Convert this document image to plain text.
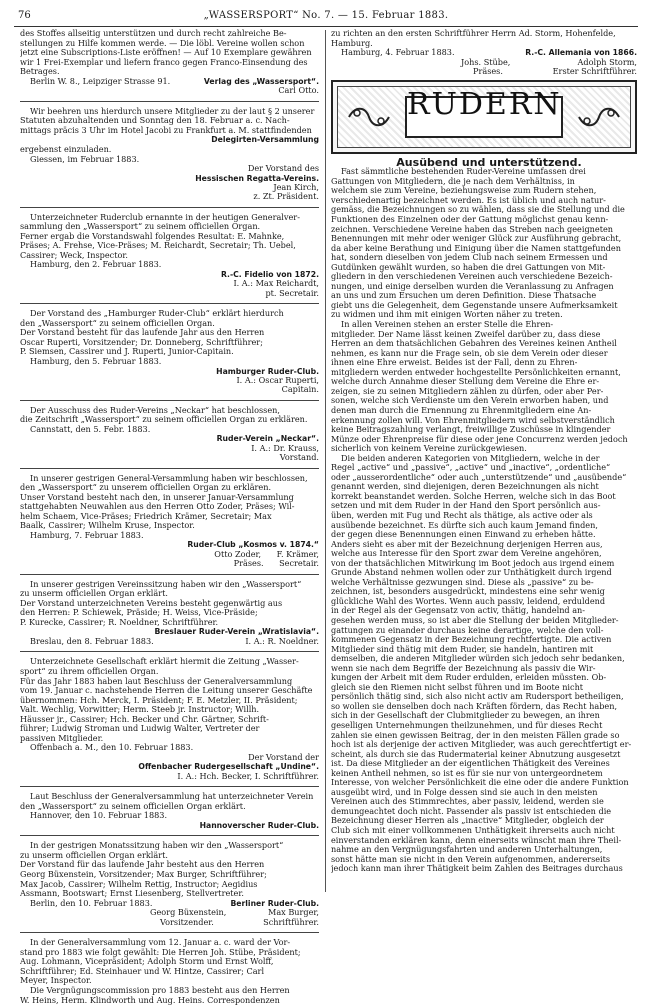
76	„WASSERSPORT“ No. 7. — 15. Februar 1883.
des Stoffes allseitig unterstützen und durch recht zahlreiche Be-
stellungen zu Hilfe kommen werde. — Die löbl. Vereine wollen schon
jetzt eine Subscriptions-Liste eröffnen! — Auf 10 Exemplare gewähren
wir 1 Frei-Exemplar und liefern franco gegen Franco-Einsendung des
Betrages.

Berlin W. 8., Leipziger Strasse 91.	Verlag des „Wassersport“.

Carl Otto.

Wir beehren uns hierdurch unsere Mitglieder zu der laut § 2 unserer
Statuten abzuhaltenden und Sonntag den 18. Februar a. c. Nach-
mittags präcis 3 Uhr im Hotel Jacobi zu Frankfurt a. M. stattfindenden

Delegirten-Versammlung

ergebenst einzuladen.

Giessen, im Februar 1883.

Der Vorstand des

Hessischen Regatta-Vereins.

Jean Kirch,

z. Zt. Präsident.

Unterzeichneter Ruderclub ernannte in der heutigen Generalver-
sammlung den „Wassersport“ zu seinem officiellen Organ.
Ferner ergab die Vorstandswahl folgendes Resultat: E. Mahnke,
Präses; A. Frehse, Vice-Präses; M. Reichardt, Secretair; Th. Uebel,
Cassirer; Weck, Inspector.

Hamburg, den 2. Februar 1883.

R.-C. Fidelio von 1872.

I. A.: Max Reichardt,

pt. Secretair.

Der Vorstand des „Hamburger Ruder-Club“ erklärt hierdurch
den „Wassersport“ zu seinem officiellen Organ.
Der Vorstand besteht für das laufende Jahr aus den Herren
Oscar Ruperti, Vorsitzender; Dr. Donneberg, Schriftführer;
P. Siemsen, Cassirer und J. Ruperti, Junior-Capitain.

Hamburg, den 5. Februar 1883.

Hamburger Ruder-Club.

I. A.: Oscar Ruperti,

Capitain.

Der Ausschuss des Ruder-Vereins „Neckar“ hat beschlossen,
die Zeitschrift „Wassersport“ zu seinem officiellen Organ zu erklären.

Cannstatt, den 5. Febr. 1883.

Ruder-Verein „Neckar“.

I. A.: Dr. Krauss,

Vorstand.

In unserer gestrigen General-Versammlung haben wir beschlossen,
den „Wassersport“ zu unserem officiellen Organ zu erklären.
Unser Vorstand besteht nach den, in unserer Januar-Versammlung
stattgehabten Neuwahlen aus den Herren Otto Zoder, Präses; Wil-
helm Schaem, Vice-Präses; Friedrich Krämer, Secretair; Max
Baalk, Cassirer; Wilhelm Kruse, Inspector.

Hamburg, 7. Februar 1883.

Ruder-Club „Kosmos v. 1874.“

Otto Zoder,      F. Krämer,

Präses.      Secretair.

In unserer gestrigen Vereinssitzung haben wir den „Wassersport“
zu unserm officiellen Organ erklärt.
Der Vorstand unterzeichneten Vereins besteht gegenwärtig aus
den Herren: P. Schiewek, Präside; H. Weiss, Vice-Präside;
P. Kurecke, Cassirer; R. Noeldner, Schriftführer.

Breslauer Ruder-Verein „Wratislavia“.

Breslau, den 8. Februar 1883.	I. A.: R. Noeldner.

Unterzeichnete Gesellschaft erklärt hiermit die Zeitung „Wasser-
sport“ zu ihrem officiellen Organ.
Für das Jahr 1883 haben laut Beschluss der Generalversammlung
vom 19. Januar c. nachstehende Herren die Leitung unserer Geschäfte
übernommen: Hch. Merck, I. Präsident; F. E. Metzler, II. Präsident;
Valt. Wechlig, Vorwitter; Herm. Steeb jr. Instructor; Willh.
Häusser jr., Cassirer; Hch. Becker und Chr. Gärtner, Schrift-
führer; Ludwig Stroman und Ludwig Walter, Vertreter der
passiven Mitglieder.

Offenbach a. M., den 10. Februar 1883.

Der Vorstand der

Offenbacher Rudergesellschaft „Undine“.

I. A.: Hch. Becker, I. Schriftführer.

Laut Beschluss der Generalversammlung hat unterzeichneter Verein
den „Wassersport“ zu seinem officiellen Organ erklärt.

Hannover, den 10. Februar 1883.

Hannoverscher Ruder-Club.

In der gestrigen Monatssitzung haben wir den „Wassersport“
zu unserm officiellen Organ erklärt.
Der Vorstand für das laufende Jahr besteht aus den Herren
Georg Büxenstein, Vorsitzender; Max Burger, Schriftführer;
Max Jacob, Cassirer; Wilhelm Rettig, Instructor; Aegidius
Assmann, Bootswart; Ernst Liesenberg, Stellvertreter.

Berlin, den 10. Februar 1883.	Berliner Ruder-Club.

Georg Büxenstein,	Max Burger,

Vorsitzender.	Schriftführer.

In der Generalversammlung vom 12. Januar a. c. ward der Vor-
stand pro 1883 wie folgt gewählt: Die Herren Joh. Stübe, Präsident;
Aug. Lohmann, Vicepräsident; Adolph Storm und Ernst Wolff,
Schriftführer; Ed. Steinhauer und W. Hintze, Cassirer; Carl
Meyer, Inspector.
Die Vergnügungscommission pro 1883 besteht aus den Herren
W. Heins, Herm. Klindworth und Aug. Heins. Correspondenzen
zu richten an den ersten Schriftführer Herrn Ad. Storm, Hohenfelde,
Hamburg.

Hamburg, 4. Februar 1883.	R.-C. Allemania von 1866.

Johs. Stübe,	Adolph Storm,

Präses.	Erster Schriftführer.

RUDERN

Ausübend und unterstützend.

Fast sämmtliche bestehenden Ruder-Vereine umfassen drei
Gattungen von Mitgliedern, die je nach dem Verhältniss, in
welchem sie zum Vereine, beziehungsweise zum Rudern stehen,
verschiedenartig bezeichnet werden. Es ist üblich und auch natur-
gemäss, die Bezeichnungen so zu wählen, dass sie die Stellung und die
Funktionen des Einzelnen oder der Gattung möglichst genau kenn-
zeichnen. Verschiedene Vereine haben das Streben nach geeigneten
Benennungen mit mehr oder weniger Glück zur Ausführung gebracht,
da aber keine Berathung und Einigung über die Namen stattgefunden
hat, sondern dieselben von jedem Club nach seinem Ermessen und
Gutdünken gewählt wurden, so haben die drei Gattungen von Mit-
gliedern in den verschiedenen Vereinen auch verschiedene Bezeich-
nungen, und einige derselben wurden die Veranlassung zu Anfragen
an uns und zum Ersuchen um deren Definition. Diese Thatsache
giebt uns die Gelegenheit, dem Gegenstande unsere Aufmerksamkeit
zu widmen und ihm mit einigen Worten näher zu treten.
In allen Vereinen stehen an erster Stelle die Ehren-
mitglieder. Der Name lässt keinen Zweifel darüber zu, dass diese
Herren an dem thatsächlichen Gebahren des Vereines keinen Antheil
nehmen, es kann nur die Frage sein, ob sie dem Verein oder dieser
ihnen eine Ehre erweist. Beides ist der Fall, denn zu Ehren-
mitgliedern werden entweder hochgestellte Persönlichkeiten ernannt,
welche durch Annahme dieser Stellung dem Vereine die Ehre er-
zeigen, sie zu seinen Mitgliedern zählen zu dürfen, oder aber Per-
sonen, welche sich Verdienste um den Verein erworben haben, und
denen man durch die Ernennung zu Ehrenmitgliedern eine An-
erkennung zollen will. Von Ehrenmitgliedern wird selbstverständlich
keine Beitragszahlung verlangt, freiwillige Zuschüsse in klingender
Münze oder Ehrenpreise für diese oder jene Concurrenz werden jedoch
sicherlich von keinem Vereine zurückgewiesen.
Die beiden anderen Kategorien von Mitgliedern, welche in der
Regel „active“ und „passive“, „active“ und „inactive“, „ordentliche“
oder „ausserordentliche“ oder auch „unterstützende“ und „ausübende“
genannt werden, sind diejenigen, deren Bezeichnungen als nicht
korrekt beanstandet werden. Solche Herren, welche sich in das Boot
setzen und mit dem Ruder in der Hand den Sport persönlich aus-
üben, werden mit Fug und Recht als thätige, als active oder als
ausübende bezeichnet. Es dürfte sich auch kaum Jemand finden,
der gegen diese Benennungen einen Einwand zu erheben hätte.
Anders sieht es aber mit der Bezeichnung derjenigen Herren aus,
welche aus Interesse für den Sport zwar dem Vereine angehören,
von der thatsächlichen Mitwirkung im Boot jedoch aus irgend einem
Grunde Abstand nehmen wollen oder zur Unthätigkeit durch irgend
welche Verhältnisse gezwungen sind. Diese als „passive“ zu be-
zeichnen, ist, besonders ausgedrückt, mindestens eine sehr wenig
glückliche Wahl des Wortes. Wenn auch passiv, leidend, erduldend
in der Regel als der Gegensatz von activ, thätig, handelnd an-
gesehen werden muss, so ist aber die Stellung der beiden Mitglieder-
gattungen zu einander durchaus keine derartige, welche den voll-
kommenen Gegensatz in der Bezeichnung rechtfertigte. Die activen
Mitglieder sind thätig mit dem Ruder, sie handeln, hantiren mit
demselben, die anderen Mitglieder würden sich jedoch sehr bedanken,
wenn sie nach dem Begriffe der Bezeichnung als passiv die Wir-
kungen der Arbeit mit dem Ruder erdulden, erleiden müssten. Ob-
gleich sie den Riemen nicht selbst führen und im Boote nicht
persönlich thätig sind, sich also nicht activ am Rudersport betheiligen,
so wollen sie denselben doch nach Kräften fördern, das Recht haben,
sich in der Gesellschaft der Clubmitglieder zu bewegen, an ihren
geselligen Unternehmungen theilzunehmen, und für dieses Recht
zahlen sie einen gewissen Beitrag, der in den meisten Fällen grade so
hoch ist als derjenige der activen Mitglieder, was auch gerechtfertigt er-
scheint, als durch sie das Rudermaterial keiner Abnutzung ausgesetzt
ist. Da diese Mitglieder an der eigentlichen Thätigkeit des Vereines
keinen Antheil nehmen, so ist es für sie nur von untergeordnetem
Interesse, von welcher Persönlichkeit die eine oder die andere Funktion
ausgeübt wird, und in Folge dessen sind sie auch in den meisten
Vereinen auch des Stimmrechtes, aber passiv, leidend, werden sie
demungeachtet doch nicht. Passender als passiv ist entschieden die
Bezeichnung dieser Herren als „inactive“ Mitglieder, obgleich der
Club sich mit einer vollkommenen Unthätigkeit ihrerseits auch nicht
einverstanden erklären kann, denn einerseits wünscht man ihre Theil-
nahme an den Vergnügungsfahrten und anderen Unterhaltungen,
sonst hätte man sie nicht in den Verein aufgenommen, andererseits
jedoch kann man ihrer Thätigkeit beim Zahlen des Beitrages durchaus
